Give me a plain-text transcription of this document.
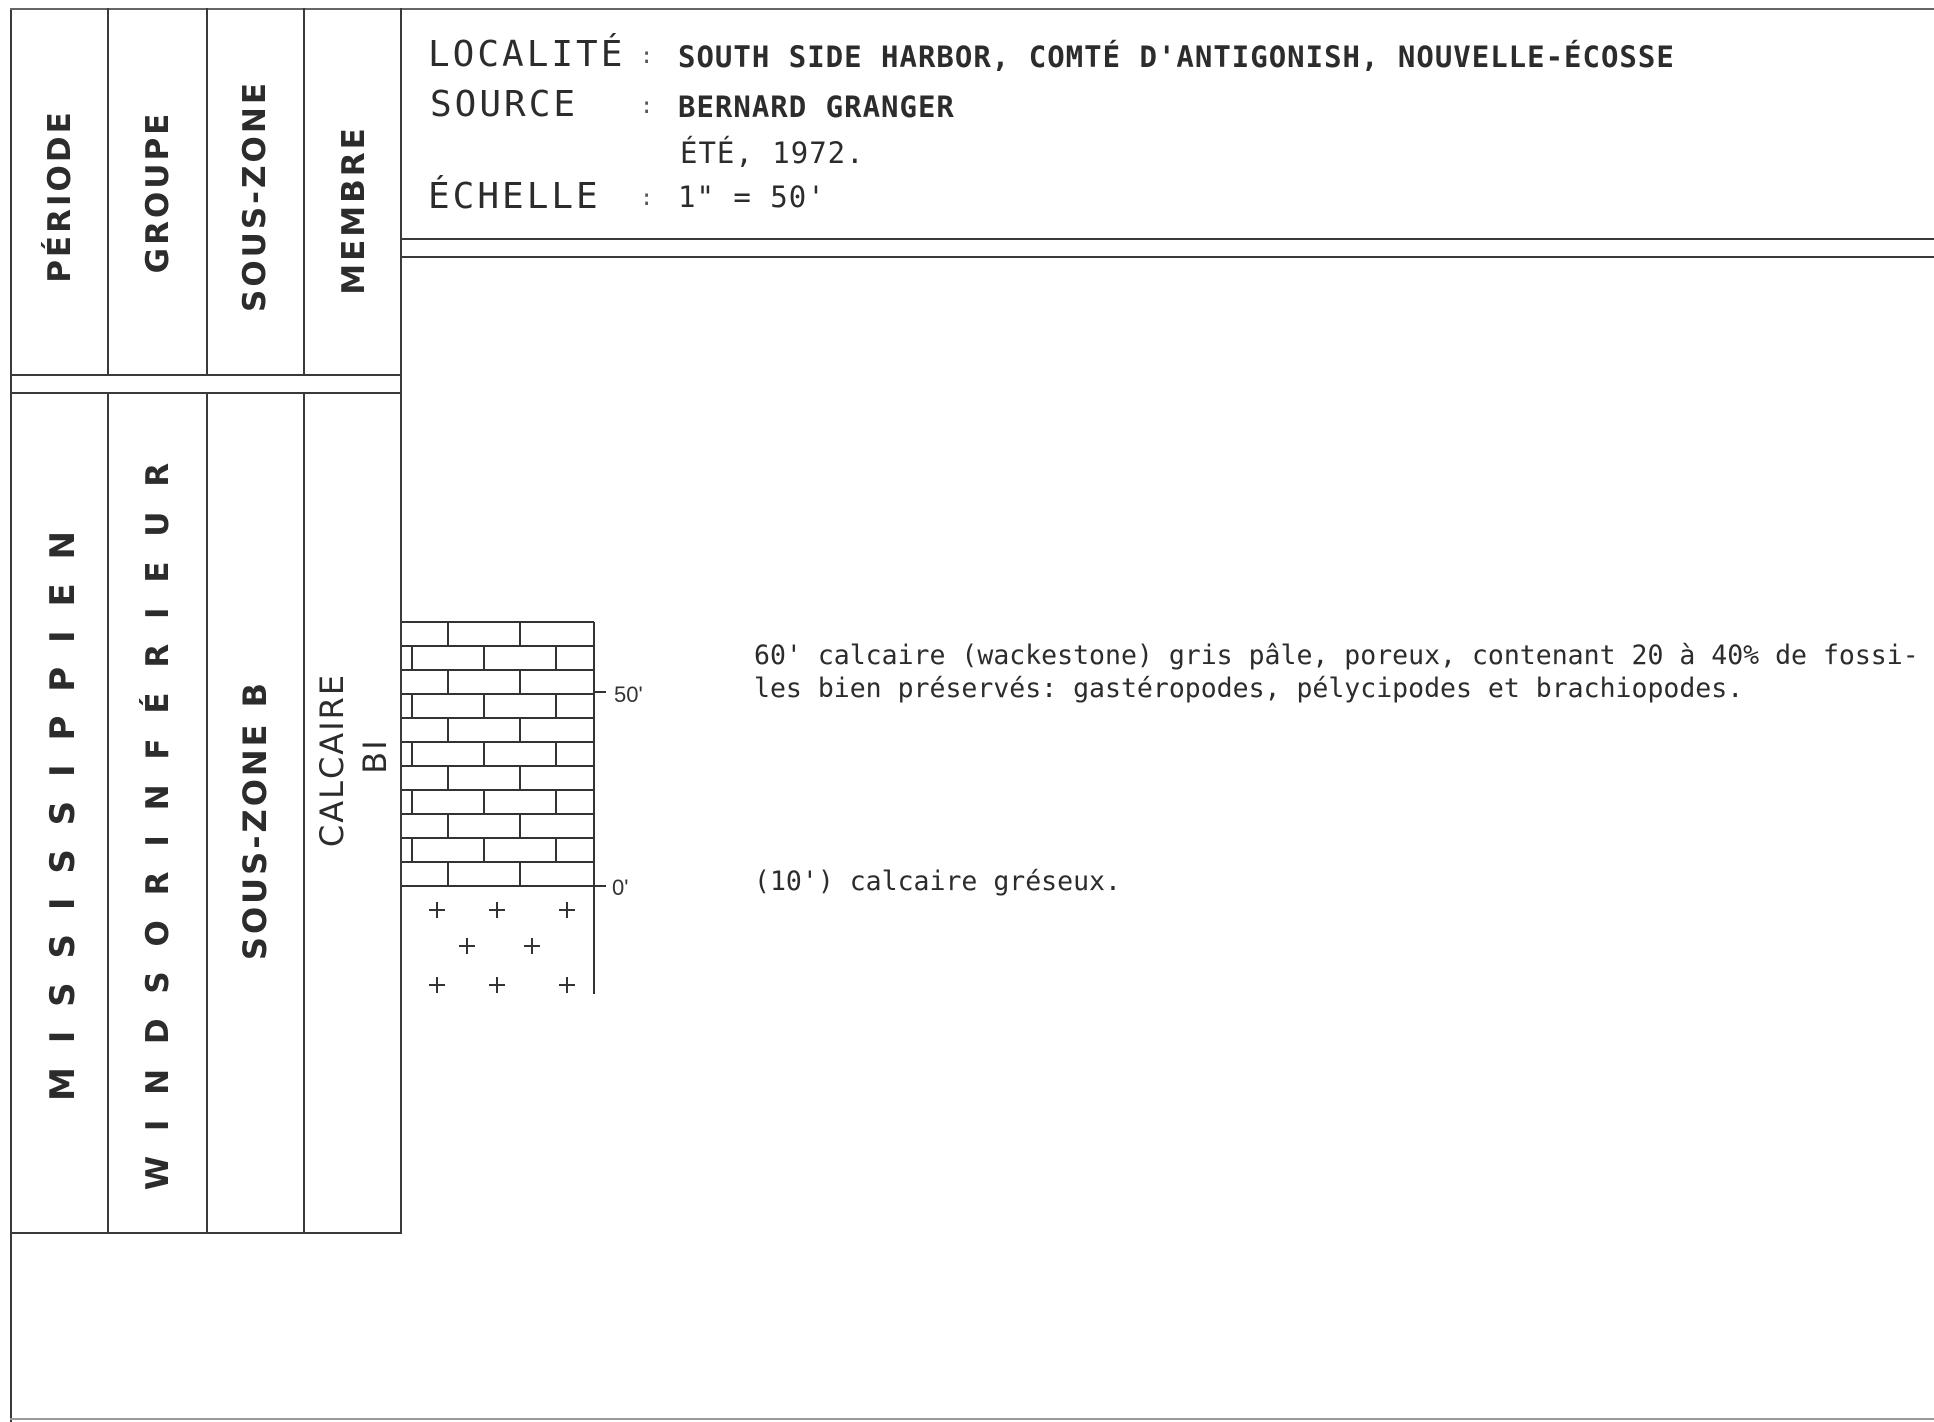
PÉRIODE GROUPE SOUS-ZONE MEMBRE
M I S S I S S I P P I E N W I N D S O R I N F É R I E U R SOUS-ZONE B CALCAIRE BI
LOCALITÉ : SOUTH SIDE HARBOR, COMTÉ D'ANTIGONISH, NOUVELLE-ÉCOSSE
SOURCE	: BERNARD GRANGER
ÉTÉ, 1972.
ÉCHELLE : 1" = 50'
50'
0'
60' calcaire (wackestone) gris pâle, poreux, contenant 20 à 40% de fossi-
les bien préservés: gastéropodes, pélycipodes et brachiopodes.
(10') calcaire gréseux.
